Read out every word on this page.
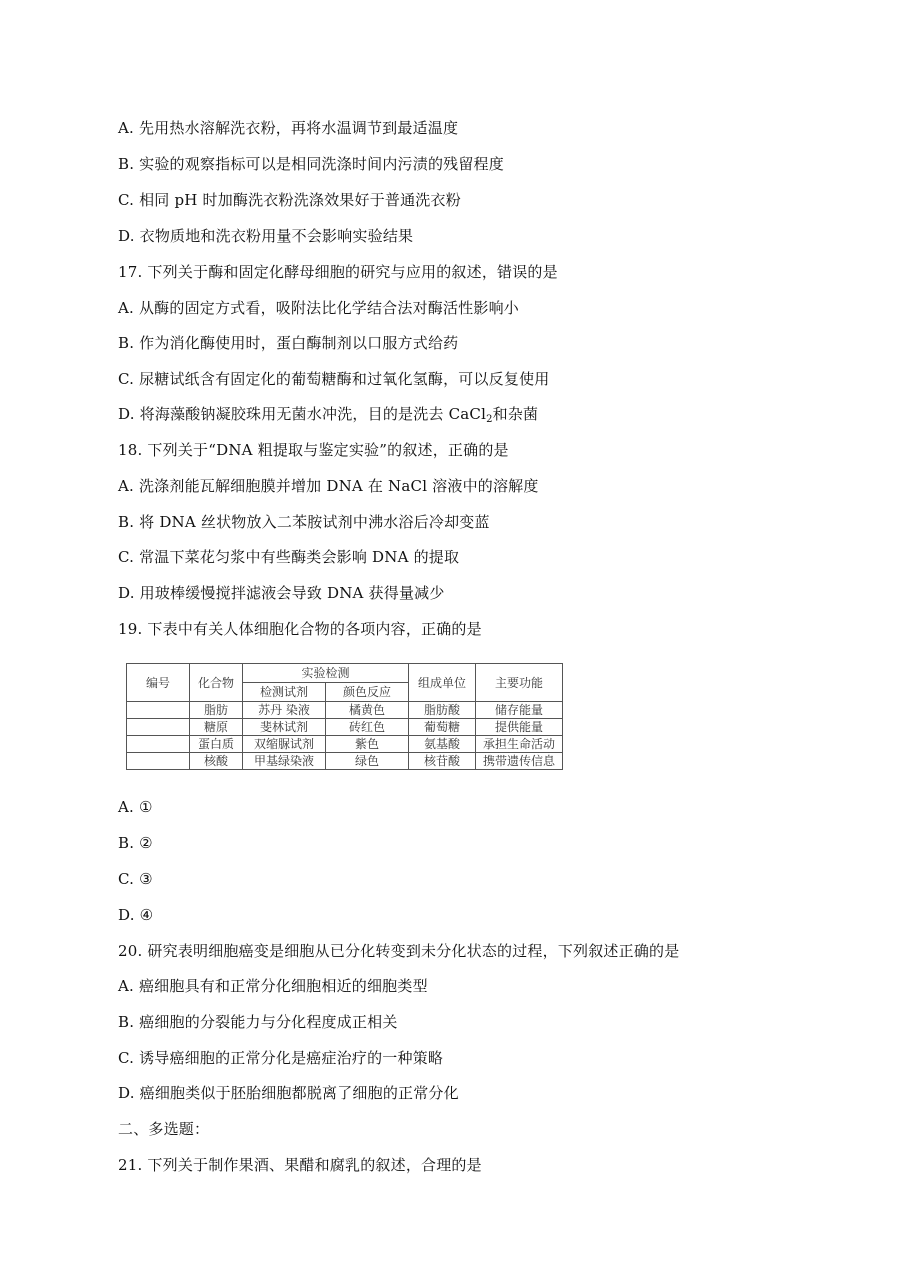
A. 先用热水溶解洗衣粉，再将水温调节到最适温度
B. 实验的观察指标可以是相同洗涤时间内污渍的残留程度
C. 相同 pH 时加酶洗衣粉洗涤效果好于普通洗衣粉
D. 衣物质地和洗衣粉用量不会影响实验结果
17. 下列关于酶和固定化酵母细胞的研究与应用的叙述，错误的是
A. 从酶的固定方式看，吸附法比化学结合法对酶活性影响小
B. 作为消化酶使用时，蛋白酶制剂以口服方式给药
C. 尿糖试纸含有固定化的葡萄糖酶和过氧化氢酶，可以反复使用
D. 将海藻酸钠凝胶珠用无菌水冲洗，目的是洗去 CaCl$_2$和杂菌
18. 下列关于“DNA 粗提取与鉴定实验”的叙述，正确的是
A. 洗涤剂能瓦解细胞膜并增加 DNA 在 NaCl 溶液中的溶解度
B. 将 DNA 丝状物放入二苯胺试剂中沸水浴后冷却变蓝
C. 常温下菜花匀浆中有些酶类会影响 DNA 的提取
D. 用玻棒缓慢搅拌滤液会导致 DNA 获得量减少
19. 下表中有关人体细胞化合物的各项内容，正确的是
编号	化合物	实验检测		组成单位	主要功能
		检测试剂	颜色反应		
	脂肪	苏丹 染液	橘黄色	脂肪酸	储存能量
	糖原	斐林试剂	砖红色	葡萄糖	提供能量
	蛋白质	双缩脲试剂	紫色	氨基酸	承担生命活动
	核酸	甲基绿染液	绿色	核苷酸	携带遗传信息
A. ①
B. ②
C. ③
D. ④
20. 研究表明细胞癌变是细胞从已分化转变到未分化状态的过程，下列叙述正确的是
A. 癌细胞具有和正常分化细胞相近的细胞类型
B. 癌细胞的分裂能力与分化程度成正相关
C. 诱导癌细胞的正常分化是癌症治疗的一种策略
D. 癌细胞类似于胚胎细胞都脱离了细胞的正常分化
二、多选题：
21. 下列关于制作果酒、果醋和腐乳的叙述，合理的是
